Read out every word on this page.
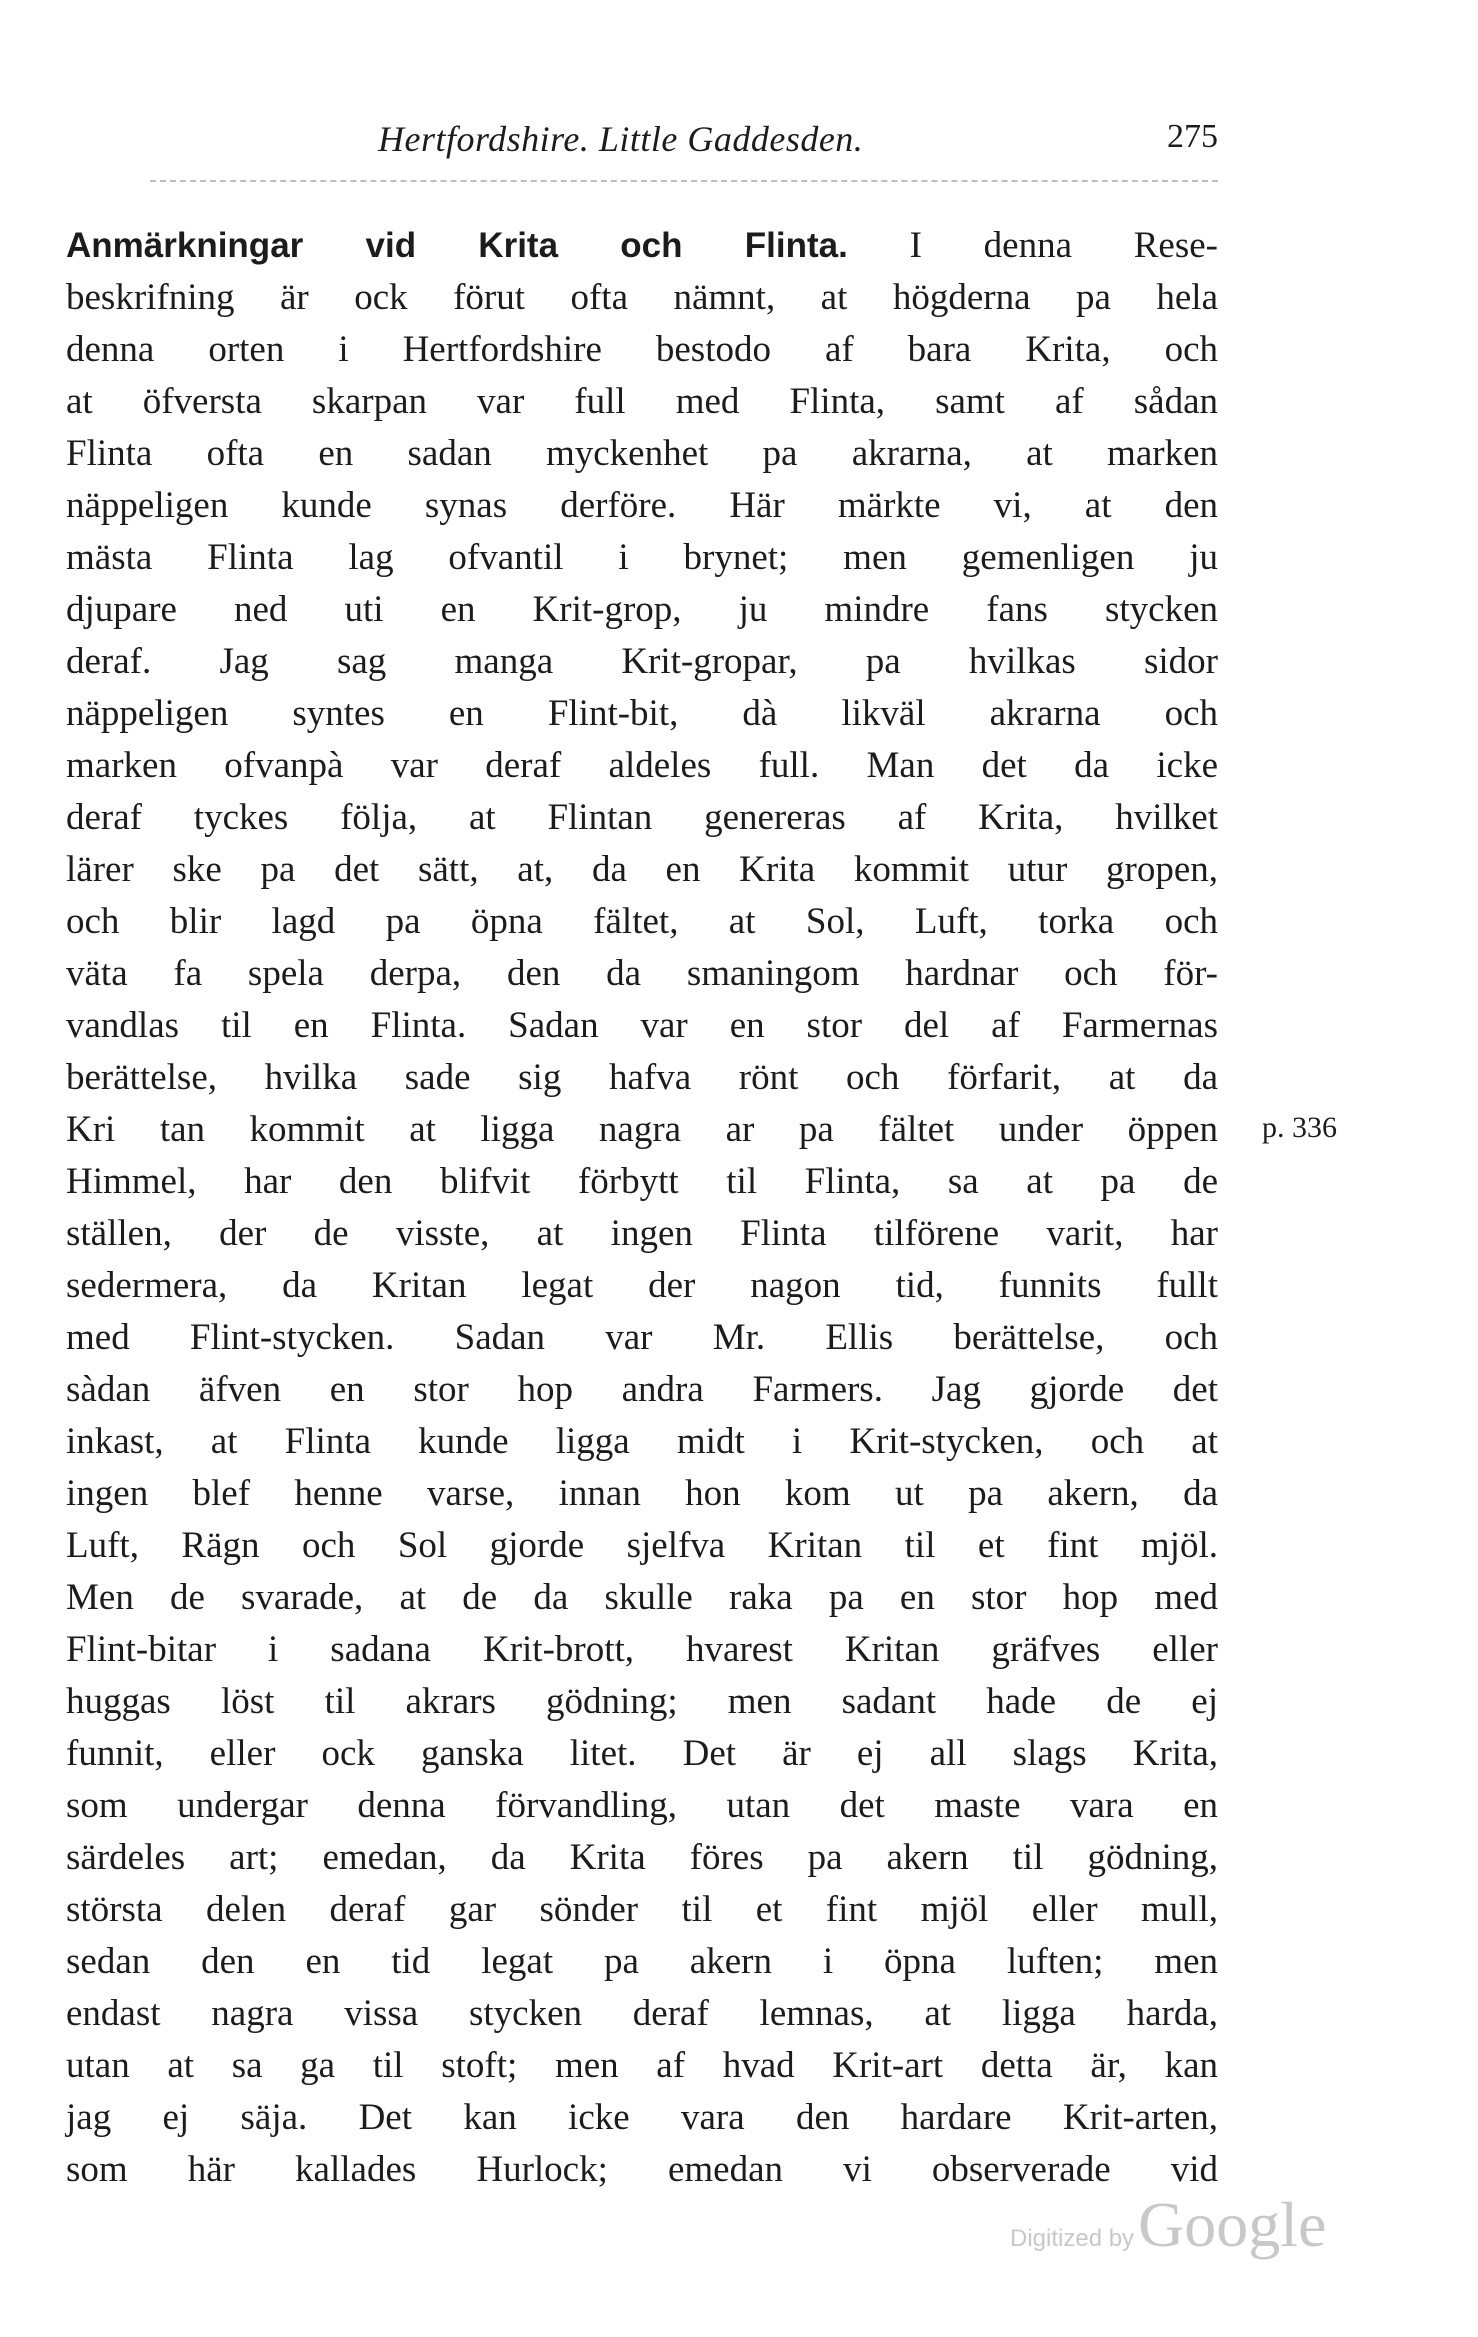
Hertfordshire. Little Gaddesden.	275
Anmärkningar vid Krita och Flinta. I denna Rese-
beskrifning är ock förut ofta nämnt, at högderna pa hela
denna orten i Hertfordshire bestodo af bara Krita, och
at öfversta skarpan var full med Flinta, samt af sådan
Flinta ofta en sadan myckenhet pa akrarna, at marken
näppeligen kunde synas derföre. Här märkte vi, at den
mästa Flinta lag ofvantil i brynet; men gemenligen ju
djupare ned uti en Krit-grop, ju mindre fans stycken
deraf. Jag sag manga Krit-gropar, pa hvilkas sidor
näppeligen syntes en Flint-bit, dà likväl akrarna och
marken ofvanpà var deraf aldeles full. Man det da icke
deraf tyckes följa, at Flintan genereras af Krita, hvilket
lärer ske pa det sätt, at, da en Krita kommit utur gropen,
och blir lagd pa öpna fältet, at Sol, Luft, torka och
väta fa spela derpa, den da smaningom hardnar och för-
vandlas til en Flinta. Sadan var en stor del af Farmernas
berättelse, hvilka sade sig hafva rönt och förfarit, at da
Kri tan kommit at ligga nagra ar pa fältet under öppen
Himmel, har den blifvit förbytt til Flinta, sa at pa de
ställen, der de visste, at ingen Flinta tilförene varit, har
sedermera, da Kritan legat der nagon tid, funnits fullt
med Flint-stycken. Sadan var Mr. Ellis berättelse, och
sàdan äfven en stor hop andra Farmers. Jag gjorde det
inkast, at Flinta kunde ligga midt i Krit-stycken, och at
ingen blef henne varse, innan hon kom ut pa akern, da
Luft, Rägn och Sol gjorde sjelfva Kritan til et fint mjöl.
Men de svarade, at de da skulle raka pa en stor hop med
Flint-bitar i sadana Krit-brott, hvarest Kritan gräfves eller
huggas löst til akrars gödning; men sadant hade de ej
funnit, eller ock ganska litet. Det är ej all slags Krita,
som undergar denna förvandling, utan det maste vara en
särdeles art; emedan, da Krita föres pa akern til gödning,
största delen deraf gar sönder til et fint mjöl eller mull,
sedan den en tid legat pa akern i öpna luften; men
endast nagra vissa stycken deraf lemnas, at ligga harda,
utan at sa ga til stoft; men af hvad Krit-art detta är, kan
jag ej säja. Det kan icke vara den hardare Krit-arten,
som här kallades Hurlock; emedan vi observerade vid
p. 336
Digitized byGoogle
